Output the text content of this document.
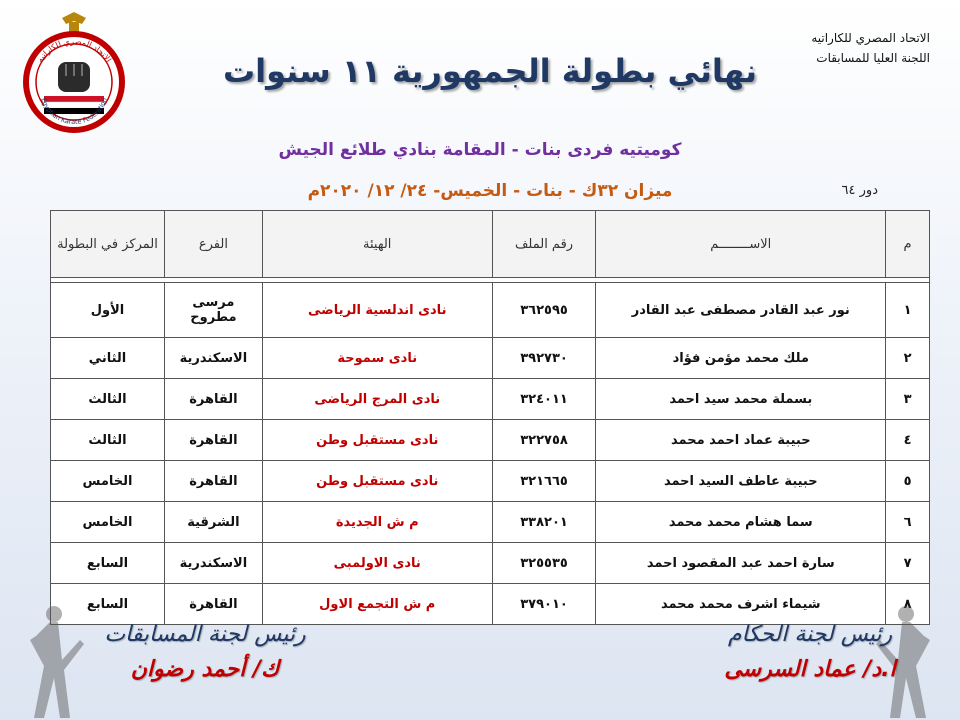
الاتحاد المصري للكاراتيه
Egyptian Karate Federation
الاتحاد المصري للكاراتيه
اللجنة العليا للمسابقات
نهائي بطولة الجمهورية ١١ سنوات
كوميتيه فردى بنات - المقامة بنادي طلائع الجيش
دور ٦٤
ميزان ٣٢ك - بنات - الخميس- ٢٤/ ١٢/ ٢٠٢٠م
م	الاســــــــم	رقم الملف	الهيئة	الفرع	المركز في البطولة

١	نور عبد القادر مصطفى عبد القادر	٣٦٢٥٩٥	نادى اندلسية الرياضى	مرسى مطروح	الأول
٢	ملك محمد مؤمن فؤاد	٣٩٢٧٣٠	نادى سموحة	الاسكندرية	الثاني
٣	بسملة محمد سيد احمد	٣٢٤٠١١	نادى المرج الرياضى	القاهرة	الثالث
٤	حبيبة عماد احمد محمد	٣٢٢٧٥٨	نادى مستقبل وطن	القاهرة	الثالث
٥	حبيبة عاطف السيد احمد	٣٢١٦٦٥	نادى مستقبل وطن	القاهرة	الخامس
٦	سما هشام محمد محمد	٣٣٨٢٠١	م ش الجديدة	الشرقية	الخامس
٧	سارة احمد عبد المقصود احمد	٣٢٥٥٣٥	نادى الاولمبى	الاسكندرية	السابع
٨	شيماء اشرف محمد محمد	٣٧٩٠١٠	م ش التجمع الاول	القاهرة	السابع
رئيس لجنة المسابقات
ك/ أحمد رضوان
رئيس لجنة الحكام
ا.د/ عماد السرسى
